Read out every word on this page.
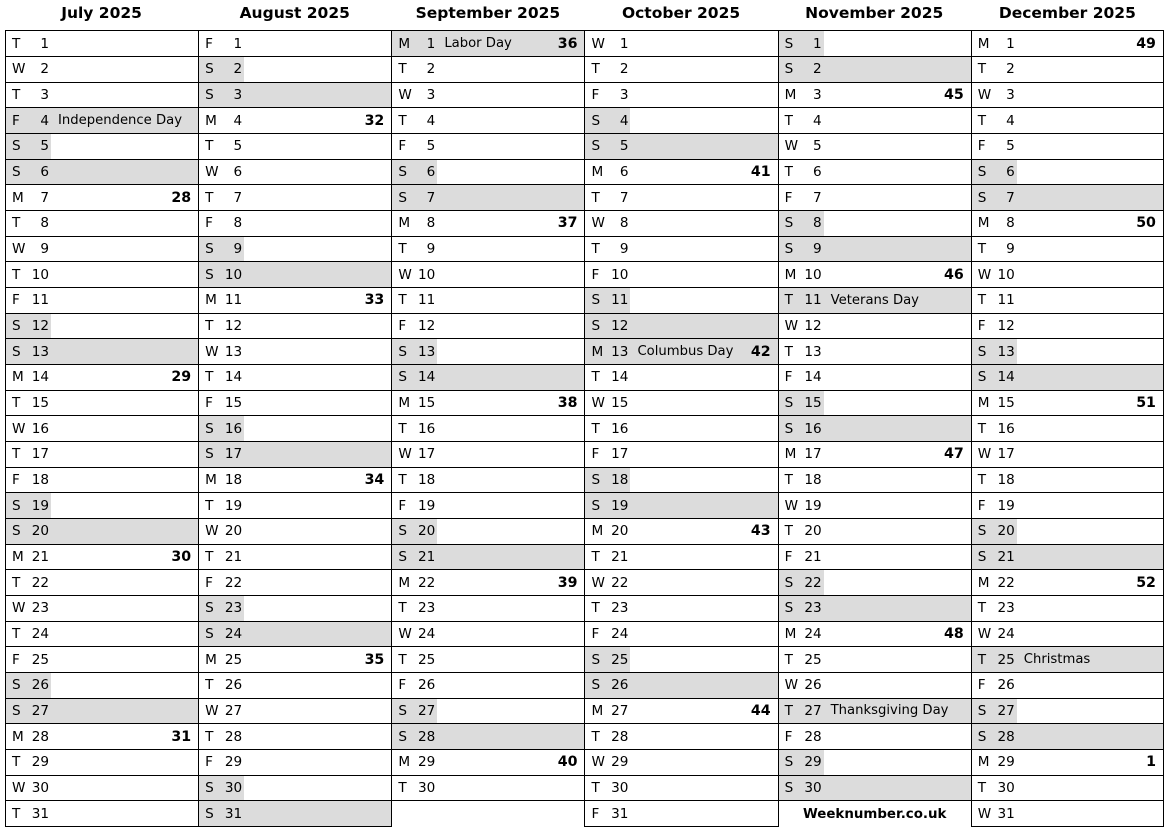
July 2025
T	1
W	2
T	3
F	4 Independence Day
S	5
S	6
M	7	28
T	8
W	9
T 10
F 11
S 12
S 13
M 14	29
T 15
W 16
T 17
F 18
S 19
S 20
M 21	30
T 22
W 23
T 24
F 25
S 26
S 27
M 28	31
T 29
W 30
T 31
August 2025
F	1
S	2
S	3
M	4	32
T	5
W	6
T	7
F	8
S	9
S 10
M 11	33
T 12
W 13
T 14
F 15
S 16
S 17
M 18	34
T 19
W 20
T 21
F 22
S 23
S 24
M 25	35
T 26
W 27
T 28
F 29
S 30
S 31
September 2025
M	1 Labor Day	36
T	2
W	3
T	4
F	5
S	6
S	7
M	8	37
T	9
W 10
T 11
F 12
S 13
S 14
M 15	38
T 16
W 17
T 18
F 19
S 20
S 21
M 22	39
T 23
W 24
T 25
F 26
S 27
S 28
M 29	40
T 30
October 2025
W	1
T	2
F	3
S	4
S	5
M	6	41
T	7
W	8
T	9
F 10
S 11
S 12
M 13 Columbus Day 42
T 14
W 15
T 16
F 17
S 18
S 19
M 20	43
T 21
W 22
T 23
F 24
S 25
S 26
M 27	44
T 28
W 29
T 30
F 31
November 2025
S	1
S	2
M	3	45
T	4
W	5
T	6
F	7
S	8
S	9
M 10	46
T 11 Veterans Day
W 12
T 13
F 14
S 15
S 16
M 17	47
T 18
W 19
T 20
F 21
S 22
S 23
M 24	48
T 25
W 26
T 27 Thanksgiving Day
F 28
S 29
S 30
Weeknumber.co.uk
December 2025
M	1	49
T	2
W	3
T	4
F	5
S	6
S	7
M	8	50
T	9
W 10
T 11
F 12
S 13
S 14
M 15	51
T 16
W 17
T 18
F 19
S 20
S 21
M 22	52
T 23
W 24
T 25 Christmas
F 26
S 27
S 28
M 29	1
T 30
W 31
